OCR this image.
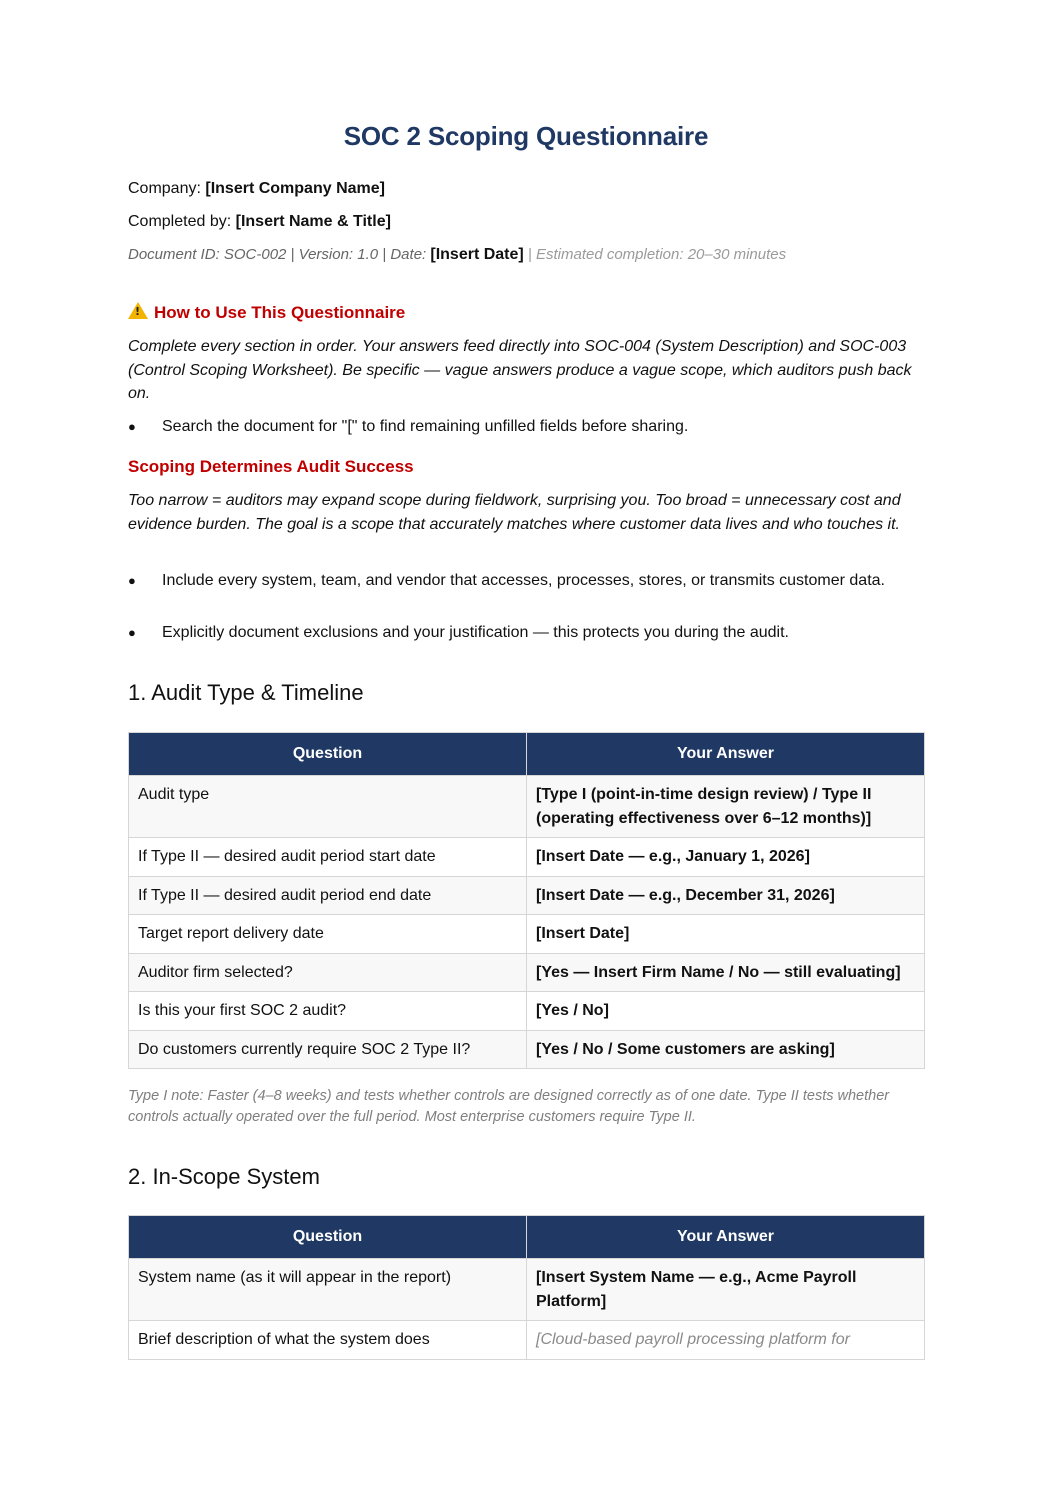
SOC 2 Scoping Questionnaire
Company: [Insert Company Name]
Completed by: [Insert Name & Title]
Document ID: SOC-002 | Version: 1.0 | Date: [Insert Date] | Estimated completion: 20–30 minutes
!How to Use This Questionnaire
Complete every section in order. Your answers feed directly into SOC-004 (System Description) and SOC-003 (Control Scoping Worksheet). Be specific — vague answers produce a vague scope, which auditors push back on.
●
Search the document for "[" to find remaining unfilled fields before sharing.
Scoping Determines Audit Success
Too narrow = auditors may expand scope during fieldwork, surprising you. Too broad = unnecessary cost and evidence burden. The goal is a scope that accurately matches where customer data lives and who touches it.
●
Include every system, team, and vendor that accesses, processes, stores, or transmits customer data.
●
Explicitly document exclusions and your justification — this protects you during the audit.
1. Audit Type & Timeline
Question	Your Answer
Audit type	[Type I (point-in-time design review) / Type II (operating effectiveness over 6–12 months)]
If Type II — desired audit period start date	[Insert Date — e.g., January 1, 2026]
If Type II — desired audit period end date	[Insert Date — e.g., December 31, 2026]
Target report delivery date	[Insert Date]
Auditor firm selected?	[Yes — Insert Firm Name / No — still evaluating]
Is this your first SOC 2 audit?	[Yes / No]
Do customers currently require SOC 2 Type II?	[Yes / No / Some customers are asking]
Type I note: Faster (4–8 weeks) and tests whether controls are designed correctly as of one date. Type II tests whether controls actually operated over the full period. Most enterprise customers require Type II.
2. In-Scope System
Question	Your Answer
System name (as it will appear in the report)	[Insert System Name — e.g., Acme Payroll Platform]
Brief description of what the system does	[Cloud-based payroll processing platform for
